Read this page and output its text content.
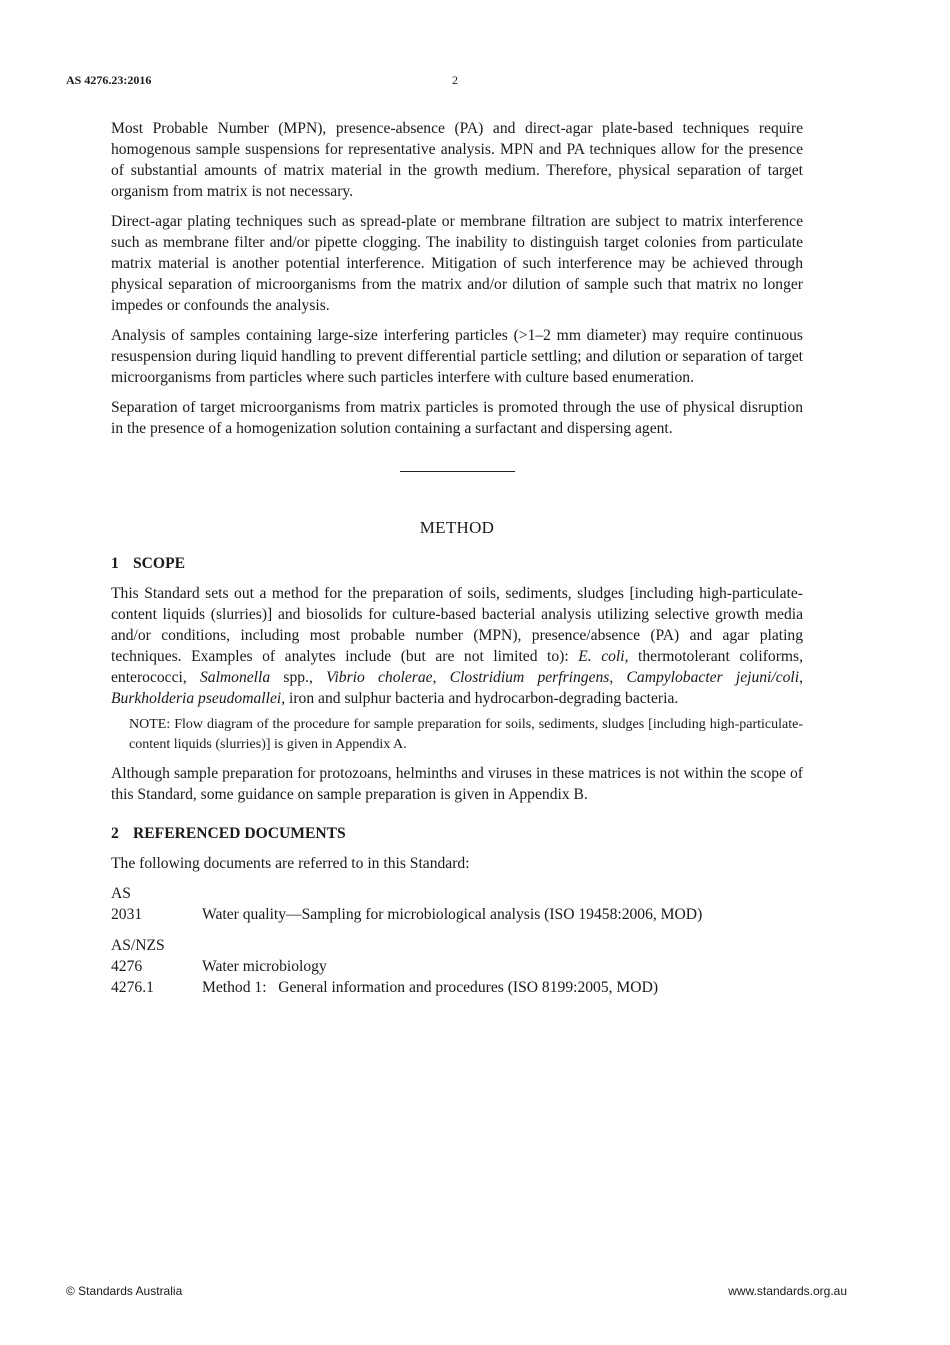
AS 4276.23:2016	2

Most Probable Number (MPN), presence-absence (PA) and direct-agar plate-based techniques require homogenous sample suspensions for representative analysis. MPN and PA techniques allow for the presence of substantial amounts of matrix material in the growth medium. Therefore, physical separation of target organism from matrix is not necessary.

Direct-agar plating techniques such as spread-plate or membrane filtration are subject to matrix interference such as membrane filter and/or pipette clogging. The inability to distinguish target colonies from particulate matrix material is another potential interference. Mitigation of such interference may be achieved through physical separation of microorganisms from the matrix and/or dilution of sample such that matrix no longer impedes or confounds the analysis.

Analysis of samples containing large-size interfering particles (>1–2 mm diameter) may require continuous resuspension during liquid handling to prevent differential particle settling; and dilution or separation of target microorganisms from particles where such particles interfere with culture based enumeration.

Separation of target microorganisms from matrix particles is promoted through the use of physical disruption in the presence of a homogenization solution containing a surfactant and dispersing agent.

METHOD
1 SCOPE

This Standard sets out a method for the preparation of soils, sediments, sludges [including high-particulate-content liquids (slurries)] and biosolids for culture-based bacterial analysis utilizing selective growth media and/or conditions, including most probable number (MPN), presence/absence (PA) and agar plating techniques. Examples of analytes include (but are not limited to): E. coli, thermotolerant coliforms, enterococci, Salmonella spp., Vibrio cholerae, Clostridium perfringens, Campylobacter jejuni/coli, Burkholderia pseudomallei, iron and sulphur bacteria and hydrocarbon-degrading bacteria.

NOTE: Flow diagram of the procedure for sample preparation for soils, sediments, sludges [including high-particulate-content liquids (slurries)] is given in Appendix A.

Although sample preparation for protozoans, helminths and viruses in these matrices is not within the scope of this Standard, some guidance on sample preparation is given in Appendix B.

2 REFERENCED DOCUMENTS

The following documents are referred to in this Standard:

AS
2031	Water quality—Sampling for microbiological analysis (ISO 19458:2006, MOD)
AS/NZS
4276	Water microbiology
4276.1	Method 1:   General information and procedures (ISO 8199:2005, MOD)
© Standards Australia	www.standards.org.au
